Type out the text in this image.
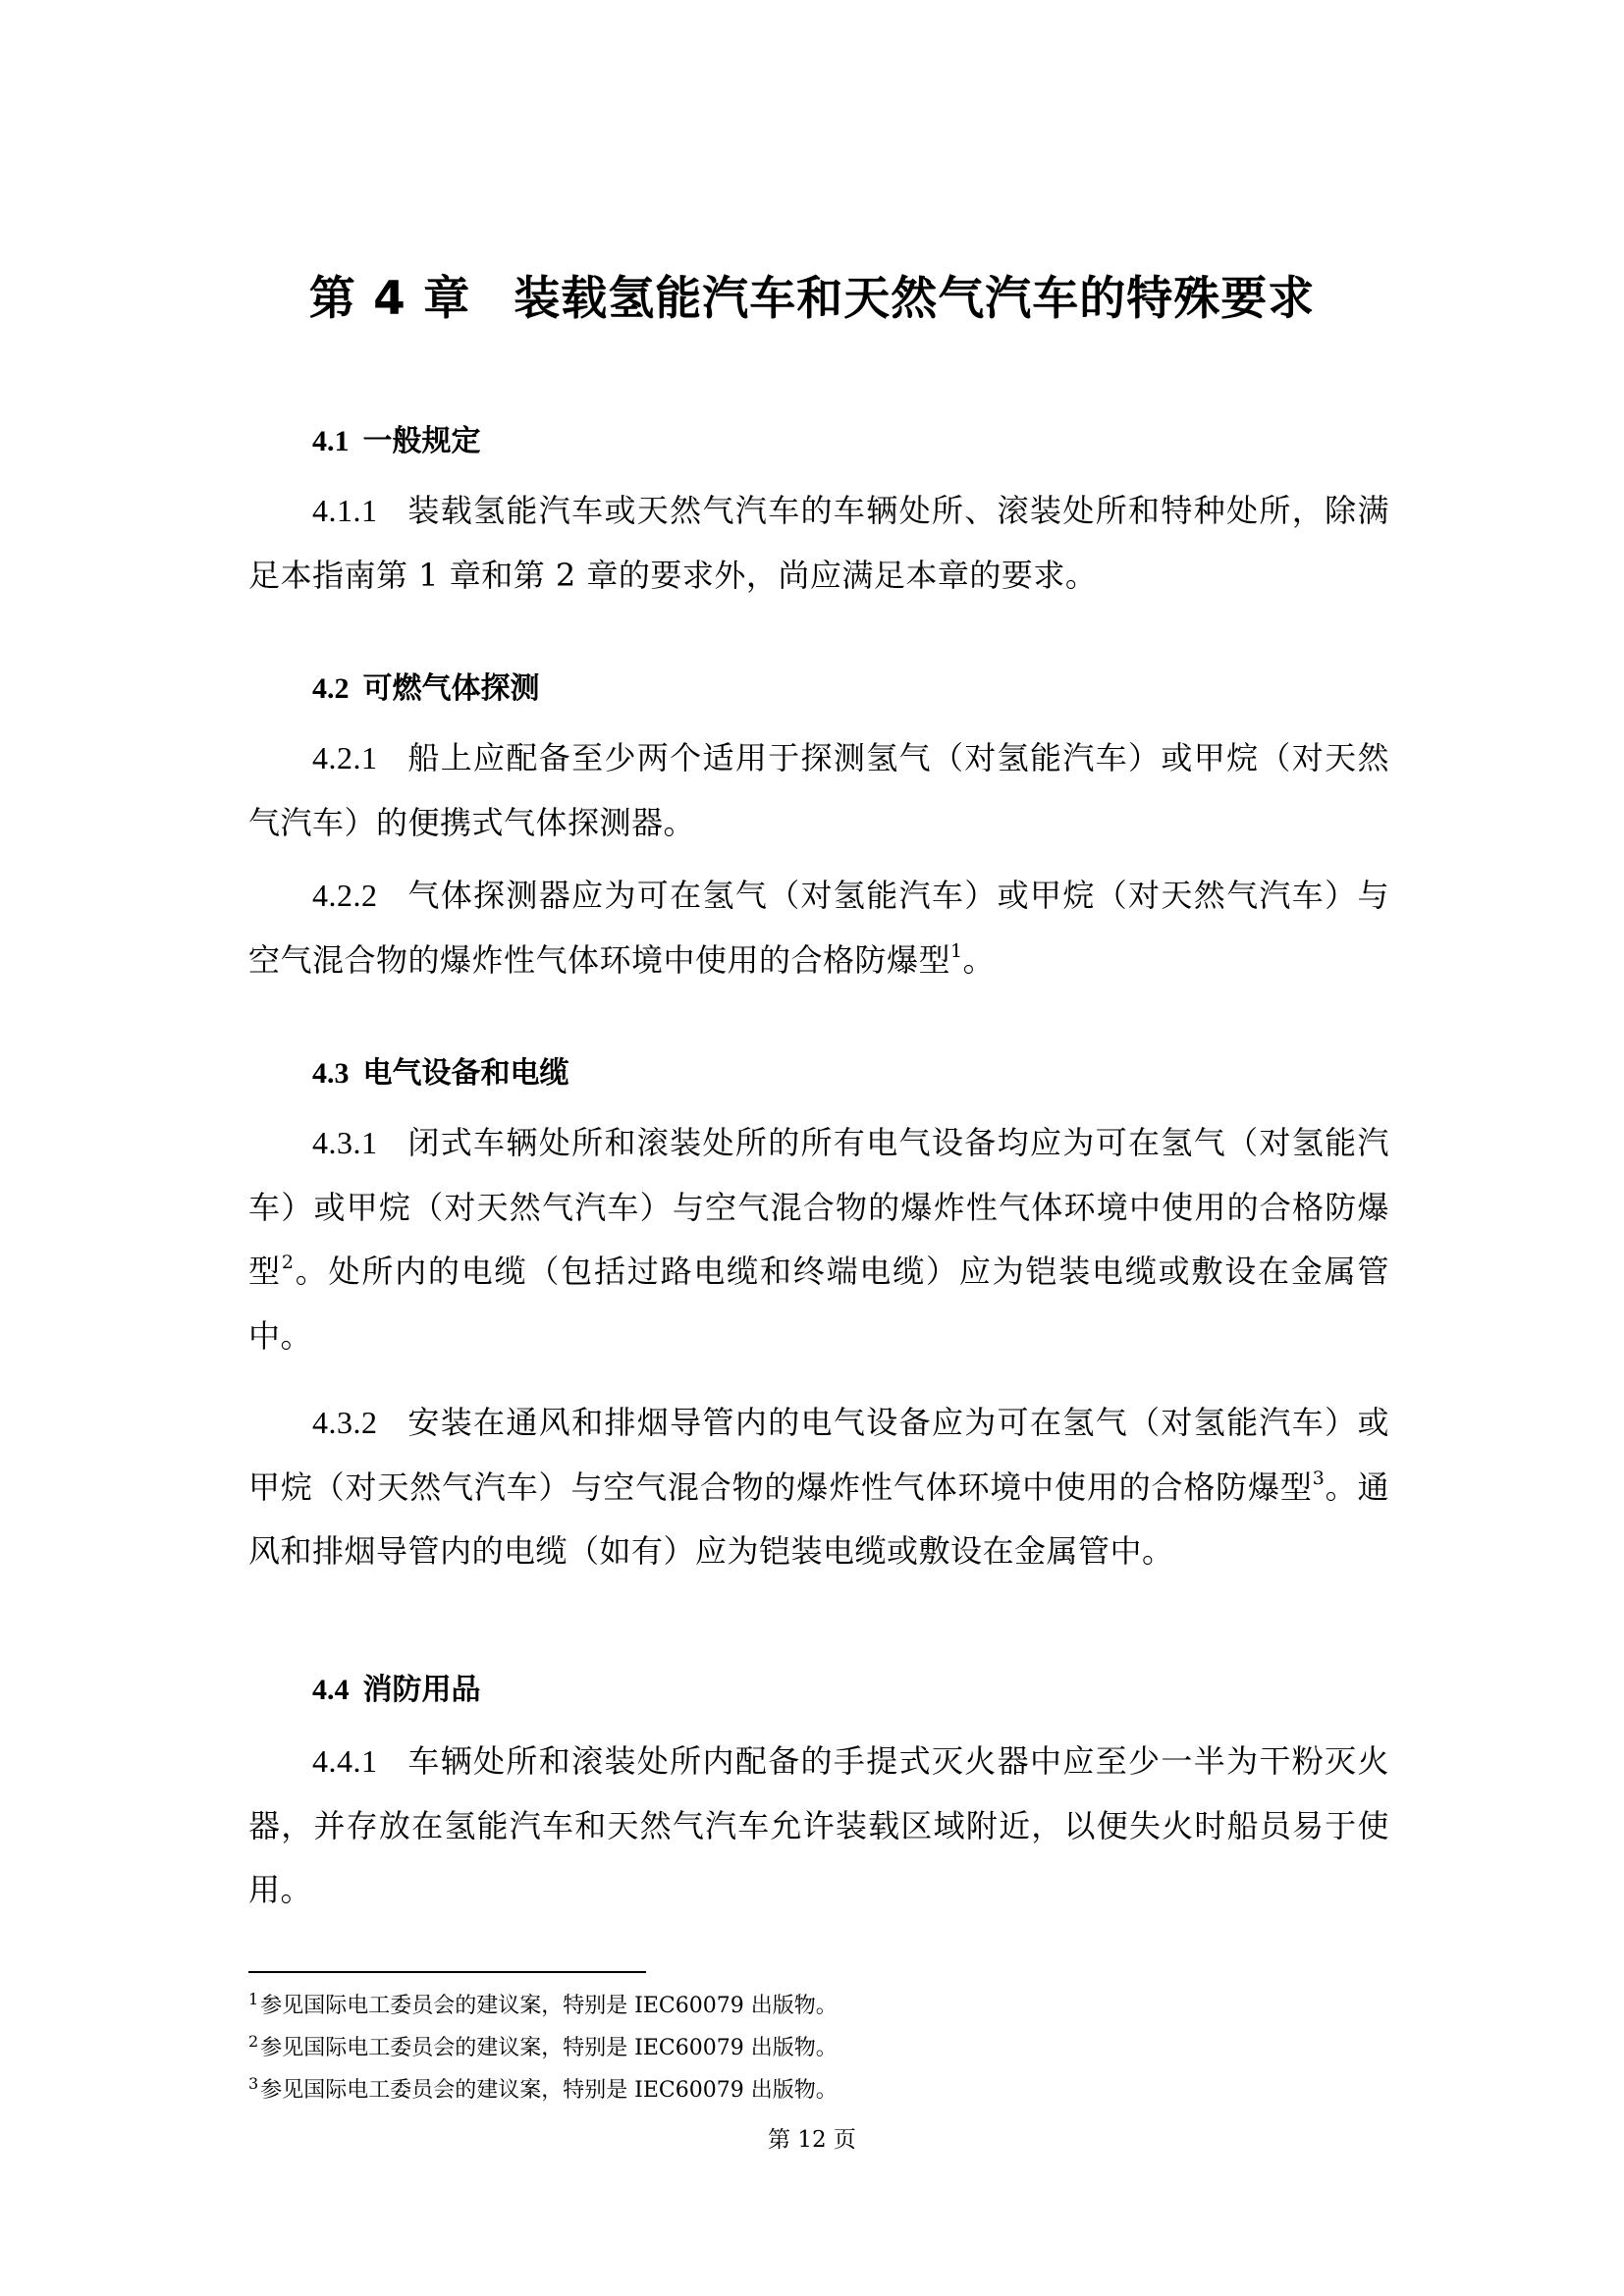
第 4 章 装载氢能汽车和天然气汽车的特殊要求
4.1 一般规定

4.1.1 装载氢能汽车或天然气汽车的车辆处所、滚装处所和特种处所，除满足本指南第 1 章和第 2 章的要求外，尚应满足本章的要求。

4.2 可燃气体探测

4.2.1 船上应配备至少两个适用于探测氢气（对氢能汽车）或甲烷（对天然气汽车）的便携式气体探测器。

4.2.2 气体探测器应为可在氢气（对氢能汽车）或甲烷（对天然气汽车）与空气混合物的爆炸性气体环境中使用的合格防爆型$^1$。

4.3 电气设备和电缆

4.3.1 闭式车辆处所和滚装处所的所有电气设备均应为可在氢气（对氢能汽车）或甲烷（对天然气汽车）与空气混合物的爆炸性气体环境中使用的合格防爆型$^2$。处所内的电缆（包括过路电缆和终端电缆）应为铠装电缆或敷设在金属管中。

4.3.2 安装在通风和排烟导管内的电气设备应为可在氢气（对氢能汽车）或甲烷（对天然气汽车）与空气混合物的爆炸性气体环境中使用的合格防爆型$^3$。通风和排烟导管内的电缆（如有）应为铠装电缆或敷设在金属管中。

4.4 消防用品

4.4.1 车辆处所和滚装处所内配备的手提式灭火器中应至少一半为干粉灭火器，并存放在氢能汽车和天然气汽车允许装载区域附近，以便失火时船员易于使用。

$^1$参见国际电工委员会的建议案，特别是 IEC60079 出版物。
$^2$参见国际电工委员会的建议案，特别是 IEC60079 出版物。
$^3$参见国际电工委员会的建议案，特别是 IEC60079 出版物。
第 12 页
